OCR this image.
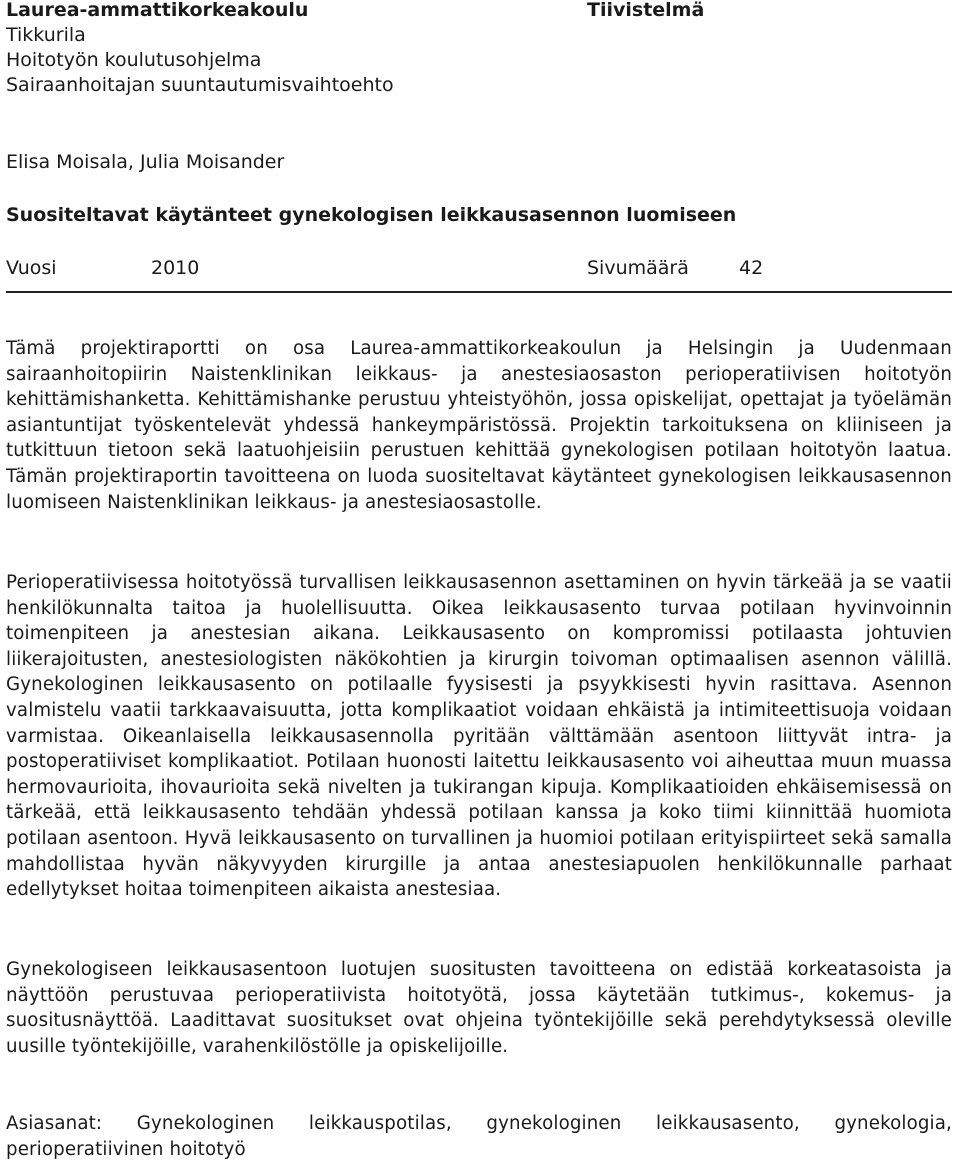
Laurea-ammattikorkeakoulu
Tikkurila
Hoitotyön koulutusohjelma
Sairaanhoitajan suuntautumisvaihtoehto
Tiivistelmä
Elisa Moisala, Julia Moisander
Suositeltavat käytänteet gynekologisen leikkausasennon luomiseen
Vuosi	2010	Sivumäärä	42

Tämä projektiraportti on osa Laurea-ammattikorkeakoulun ja Helsingin ja Uudenmaan sairaanhoitopiirin Naistenklinikan leikkaus- ja anestesiaosaston perioperatiivisen hoitotyön kehittämishanketta. Kehittämishanke perustuu yhteistyöhön, jossa opiskelijat, opettajat ja työelämän asiantuntijat työskentelevät yhdessä hankeympäristössä. Projektin tarkoituksena on kliiniseen ja tutkittuun tietoon sekä laatuohjeisiin perustuen kehittää gynekologisen potilaan hoitotyön laatua. Tämän projektiraportin tavoitteena on luoda suositeltavat käytänteet gynekologisen leikkausasennon luomiseen Naistenklinikan leikkaus- ja anestesiaosastolle.

Perioperatiivisessa hoitotyössä turvallisen leikkausasennon asettaminen on hyvin tärkeää ja se vaatii henkilökunnalta taitoa ja huolellisuutta. Oikea leikkausasento turvaa potilaan hyvinvoinnin toimenpiteen ja anestesian aikana. Leikkausasento on kompromissi potilaasta johtuvien liikerajoitusten, anestesiologisten näkökohtien ja kirurgin toivoman optimaalisen asennon välillä. Gynekologinen leikkausasento on potilaalle fyysisesti ja psyykkisesti hyvin rasittava. Asennon valmistelu vaatii tarkkaavaisuutta, jotta komplikaatiot voidaan ehkäistä ja intimiteettisuoja voidaan varmistaa. Oikeanlaisella leikkausasennolla pyritään välttämään asentoon liittyvät intra- ja postoperatiiviset komplikaatiot. Potilaan huonosti laitettu leikkausasento voi aiheuttaa muun muassa hermovaurioita, ihovaurioita sekä nivelten ja tukirangan kipuja. Komplikaatioiden ehkäisemisessä on tärkeää, että leikkausasento tehdään yhdessä potilaan kanssa ja koko tiimi kiinnittää huomiota potilaan asentoon. Hyvä leikkausasento on turvallinen ja huomioi potilaan erityispiirteet sekä samalla mahdollistaa hyvän näkyvyyden kirurgille ja antaa anestesiapuolen henkilökunnalle parhaat edellytykset hoitaa toimenpiteen aikaista anestesiaa.

Gynekologiseen leikkausasentoon luotujen suositusten tavoitteena on edistää korkeatasoista ja näyttöön perustuvaa perioperatiivista hoitotyötä, jossa käytetään tutkimus-, kokemus- ja suositusnäyttöä. Laadittavat suositukset ovat ohjeina työntekijöille sekä perehdytyksessä oleville uusille työntekijöille, varahenkilöstölle ja opiskelijoille.

Asiasanat: Gynekologinen leikkauspotilas, gynekologinen leikkausasento, gynekologia, perioperatiivinen hoitotyö
